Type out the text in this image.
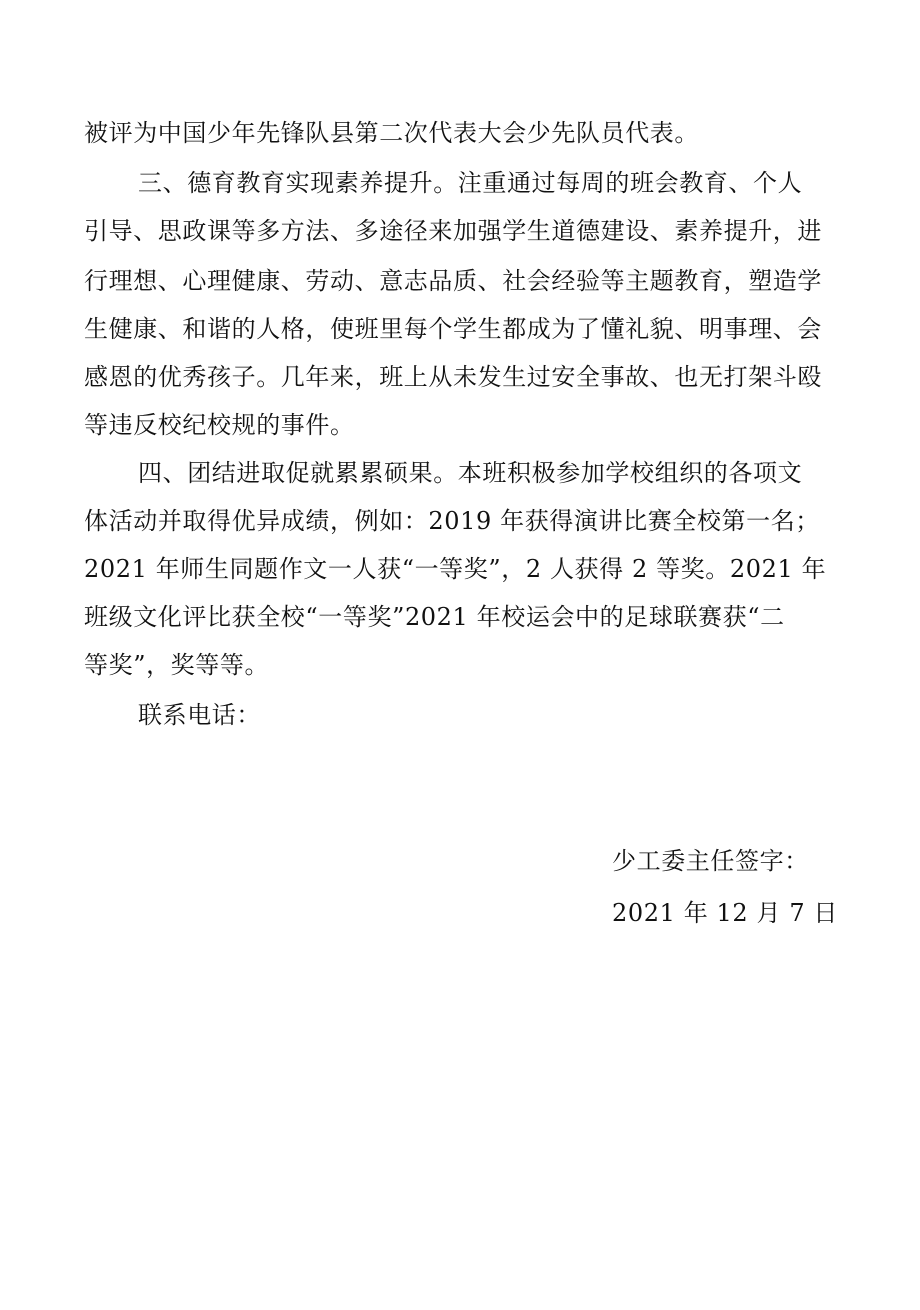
被评为中国少年先锋队县第二次代表大会少先队员代表。
三、德育教育实现素养提升。注重通过每周的班会教育、个人
引导、思政课等多方法、多途径来加强学生道德建设、素养提升，进
行理想、心理健康、劳动、意志品质、社会经验等主题教育，塑造学
生健康、和谐的人格，使班里每个学生都成为了懂礼貌、明事理、会
感恩的优秀孩子。几年来，班上从未发生过安全事故、也无打架斗殴
等违反校纪校规的事件。
四、团结进取促就累累硕果。本班积极参加学校组织的各项文
体活动并取得优异成绩，例如：2019 年获得演讲比赛全校第一名；
2021 年师生同题作文一人获“一等奖”，2 人获得 2 等奖。2021 年
班级文化评比获全校“一等奖”2021 年校运会中的足球联赛获“二
等奖”，奖等等。
联系电话：
少工委主任签字：
2021 年 12 月 7 日
